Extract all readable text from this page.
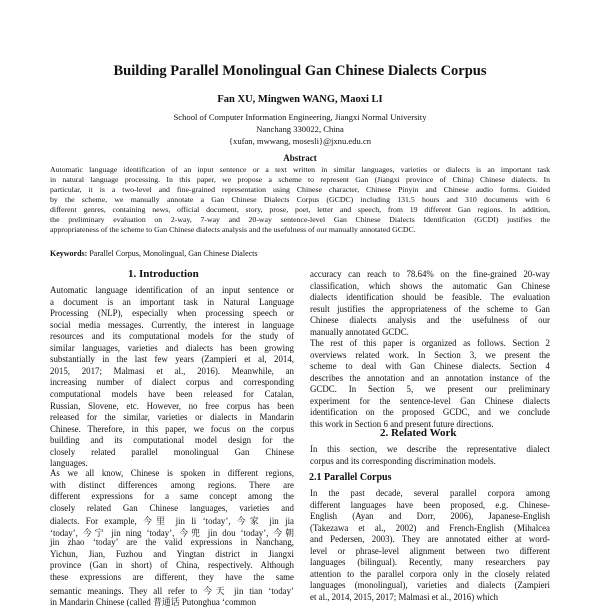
Building Parallel Monolingual Gan Chinese Dialects Corpus
Fan XU, Mingwen WANG, Maoxi LI
School of Computer Information Engineering, Jiangxi Normal University
Nanchang 330022, China
{xufan, mwwang, mosesli}@jxnu.edu.cn
Abstract
Automatic language identification of an input sentence or a text written in similar languages, varieties or dialects is an important task
in natural language processing. In this paper, we propose a scheme to represent Gan (Jiangxi province of China) Chinese dialects. In
particular, it is a two-level and fine-grained representation using Chinese character, Chinese Pinyin and Chinese audio forms. Guided
by the scheme, we manually annotate a Gan Chinese Dialects Corpus (GCDC) including 131.5 hours and 310 documents with 6
different genres, containing news, official document, story, prose, poet, letter and speech, from 19 different Gan regions. In addition,
the preliminary evaluation on 2-way, 7-way and 20-way sentence-level Gan Chinese Dialects Identification (GCDI) justifies the
appropriateness of the scheme to Gan Chinese dialects analysis and the usefulness of our manually annotated GCDC.
Keywords: Parallel Corpus, Monolingual, Gan Chinese Dialects
1. Introduction
Automatic language identification of an input sentence or
a document is an important task in Natural Language
Processing (NLP), especially when processing speech or
social media messages. Currently, the interest in language
resources and its computational models for the study of
similar languages, varieties and dialects has been growing
substantially in the last few years (Zampieri et al, 2014,
2015, 2017; Malmasi et al., 2016). Meanwhile, an
increasing number of dialect corpus and corresponding
computational models have been released for Catalan,
Russian, Slovene, etc. However, no free corpus has been
released for the similar, varieties or dialects in Mandarin
Chinese. Therefore, in this paper, we focus on the corpus
building and its computational model design for the
closely related parallel monolingual Gan Chinese
languages.
As we all know, Chinese is spoken in different regions,
with distinct differences among regions. There are
different expressions for a same concept among the
closely related Gan Chinese languages, varieties and
dialects. For example, 今里 jin li ‘today’, 今家 jin jia
‘today’, 今宁 jin ning ‘today’, 今兜 jin dou ‘today’, 今朝
jin zhao ‘today’ are the valid expressions in Nanchang,
Yichun, Jian, Fuzhou and Yingtan district in Jiangxi
province (Gan in short) of China, respectively. Although
these expressions are different, they have the same
semantic meanings. They all refer to 今天 jin tian ‘today’
in Mandarin Chinese (called 普通话 Putonghua ‘common
accuracy can reach to 78.64% on the fine-grained 20-way
classification, which shows the automatic Gan Chinese
dialects identification should be feasible. The evaluation
result justifies the appropriateness of the scheme to Gan
Chinese dialects analysis and the usefulness of our
manually annotated GCDC.
The rest of this paper is organized as follows. Section 2
overviews related work. In Section 3, we present the
scheme to deal with Gan Chinese dialects. Section 4
describes the annotation and an annotation instance of the
GCDC. In Section 5, we present our preliminary
experiment for the sentence-level Gan Chinese dialects
identification on the proposed GCDC, and we conclude
this work in Section 6 and present future directions.
In this section, we describe the representative dialect
corpus and its corresponding discrimination models.
In the past decade, several parallel corpora among
different languages have been proposed, e.g. Chinese-
English (Ayan and Dorr, 2006), Japanese-English
(Takezawa et al., 2002) and French-English (Mihalcea
and Pedersen, 2003). They are annotated either at word-
level or phrase-level alignment between two different
languages (bilingual). Recently, many researchers pay
attention to the parallel corpora only in the closely related
languages (monolingual), varieties and dialects (Zampieri
et al., 2014, 2015, 2017; Malmasi et al., 2016) which
2. Related Work
2.1 Parallel Corpus
